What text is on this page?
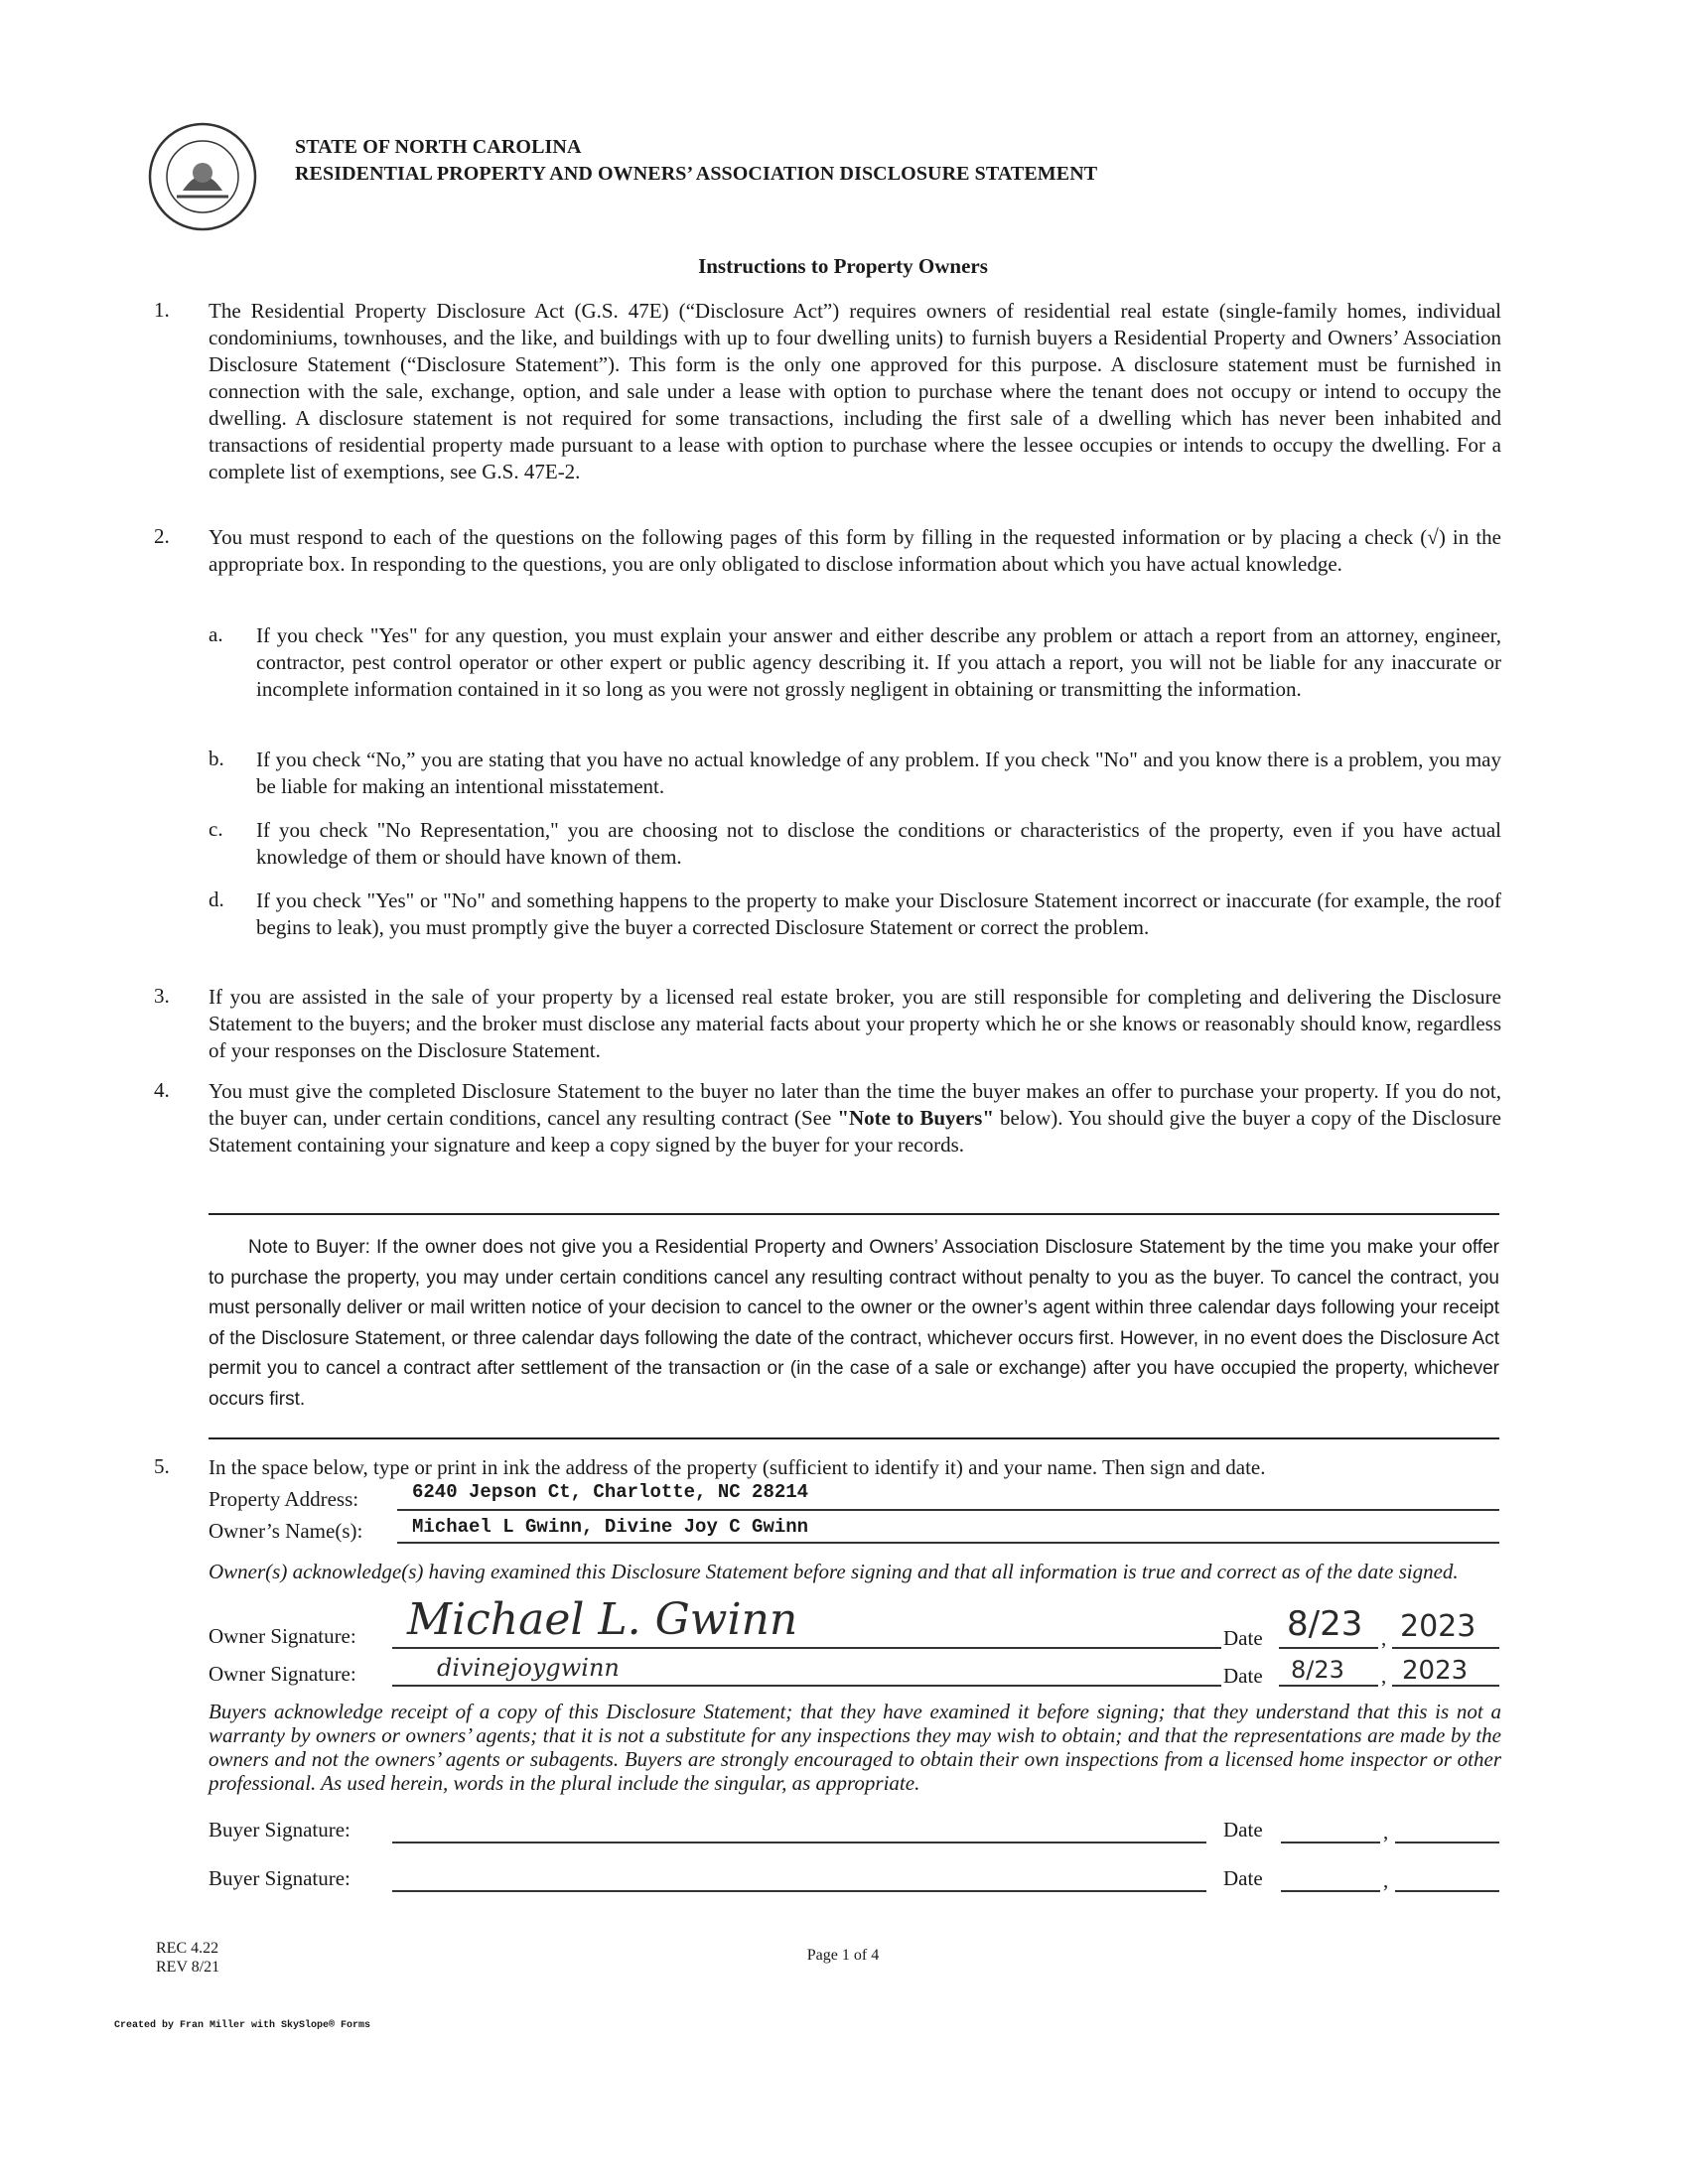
STATE OF NORTH CAROLINA
RESIDENTIAL PROPERTY AND OWNERS’ ASSOCIATION DISCLOSURE STATEMENT
Instructions to Property Owners
1. The Residential Property Disclosure Act (G.S. 47E) (“Disclosure Act”) requires owners of residential real estate (single-family homes, individual condominiums, townhouses, and the like, and buildings with up to four dwelling units) to furnish buyers a Residential Property and Owners’ Association Disclosure Statement (“Disclosure Statement”). This form is the only one approved for this purpose. A disclosure statement must be furnished in connection with the sale, exchange, option, and sale under a lease with option to purchase where the tenant does not occupy or intend to occupy the dwelling. A disclosure statement is not required for some transactions, including the first sale of a dwelling which has never been inhabited and transactions of residential property made pursuant to a lease with option to purchase where the lessee occupies or intends to occupy the dwelling. For a complete list of exemptions, see G.S. 47E-2.
2. You must respond to each of the questions on the following pages of this form by filling in the requested information or by placing a check (√) in the appropriate box. In responding to the questions, you are only obligated to disclose information about which you have actual knowledge.
a. If you check "Yes" for any question, you must explain your answer and either describe any problem or attach a report from an attorney, engineer, contractor, pest control operator or other expert or public agency describing it. If you attach a report, you will not be liable for any inaccurate or incomplete information contained in it so long as you were not grossly negligent in obtaining or transmitting the information.
b. If you check “No,” you are stating that you have no actual knowledge of any problem. If you check "No" and you know there is a problem, you may be liable for making an intentional misstatement.
c. If you check "No Representation," you are choosing not to disclose the conditions or characteristics of the property, even if you have actual knowledge of them or should have known of them.
d. If you check "Yes" or "No" and something happens to the property to make your Disclosure Statement incorrect or inaccurate (for example, the roof begins to leak), you must promptly give the buyer a corrected Disclosure Statement or correct the problem.
3. If you are assisted in the sale of your property by a licensed real estate broker, you are still responsible for completing and delivering the Disclosure Statement to the buyers; and the broker must disclose any material facts about your property which he or she knows or reasonably should know, regardless of your responses on the Disclosure Statement.
4. You must give the completed Disclosure Statement to the buyer no later than the time the buyer makes an offer to purchase your property. If you do not, the buyer can, under certain conditions, cancel any resulting contract (See "Note to Buyers" below). You should give the buyer a copy of the Disclosure Statement containing your signature and keep a copy signed by the buyer for your records.
Note to Buyer: If the owner does not give you a Residential Property and Owners’ Association Disclosure Statement by the time you make your offer to purchase the property, you may under certain conditions cancel any resulting contract without penalty to you as the buyer. To cancel the contract, you must personally deliver or mail written notice of your decision to cancel to the owner or the owner’s agent within three calendar days following your receipt of the Disclosure Statement, or three calendar days following the date of the contract, whichever occurs first. However, in no event does the Disclosure Act permit you to cancel a contract after settlement of the transaction or (in the case of a sale or exchange) after you have occupied the property, whichever occurs first.
5. In the space below, type or print in ink the address of the property (sufficient to identify it) and your name. Then sign and date.
Property Address:	6240 Jepson Ct, Charlotte, NC 28214
Owner’s Name(s):	Michael L Gwinn, Divine Joy C Gwinn
Owner(s) acknowledge(s) having examined this Disclosure Statement before signing and that all information is true and correct as of the date signed.
Owner Signature: Michael L. Gwinn	Date 8/23 , 2023
Owner Signature:	divinejoygwinn	Date 8/23 , 2023
Buyers acknowledge receipt of a copy of this Disclosure Statement; that they have examined it before signing; that they understand that this is not a warranty by owners or owners’ agents; that it is not a substitute for any inspections they may wish to obtain; and that the representations are made by the owners and not the owners’ agents or subagents. Buyers are strongly encouraged to obtain their own inspections from a licensed home inspector or other professional. As used herein, words in the plural include the singular, as appropriate.
Buyer Signature:	Date	,
Buyer Signature:	Date	,
REC 4.22
REV 8/21
Page 1 of 4
Created by Fran Miller with SkySlope® Forms
